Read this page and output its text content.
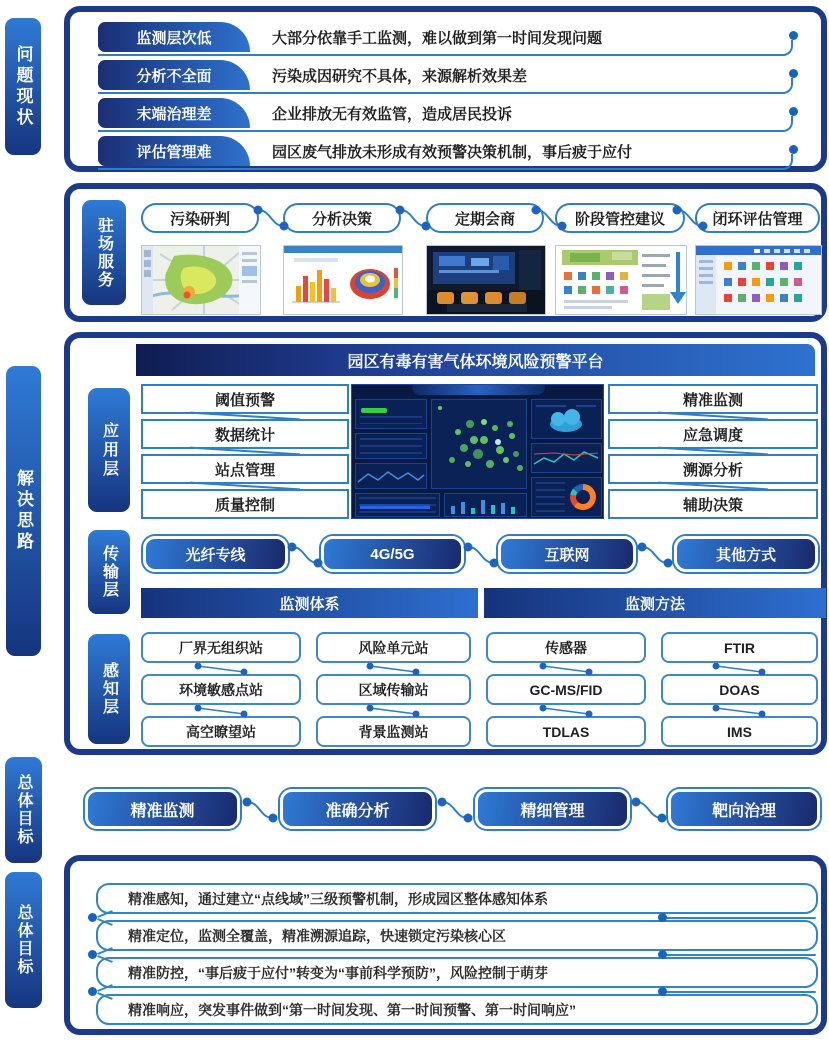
问题现状
监测层次低	大部分依靠手工监测，难以做到第一时间发现问题
分析不全面	污染成因研究不具体，来源解析效果差
末端治理差	企业排放无有效监管，造成居民投诉
评估管理难	园区废气排放未形成有效预警决策机制，事后疲于应付
驻场服务	污染研判	分析决策	定期会商	阶段管控建议	闭环评估管理
解决思路
园区有毒有害气体环境风险预警平台
应用层
阈值预警
数据统计
站点管理
质量控制
精准监测
应急调度
溯源分析
辅助决策
传输层	光纤专线	4G/5G	互联网	其他方式
监测体系	监测方法
感知层
厂界无组织站
环境敏感点站
高空瞭望站
风险单元站
区域传输站
背景监测站
传感器
GC-MS/FID
TDLAS
FTIR
DOAS
IMS
总体目标	精准监测	准确分析	精细管理	靶向治理
总体目标
精准感知，通过建立“点线域”三级预警机制，形成园区整体感知体系
精准定位，监测全覆盖，精准溯源追踪，快速锁定污染核心区
精准防控，“事后疲于应付”转变为“事前科学预防”，风险控制于萌芽
精准响应，突发事件做到“第一时间发现、第一时间预警、第一时间响应”
